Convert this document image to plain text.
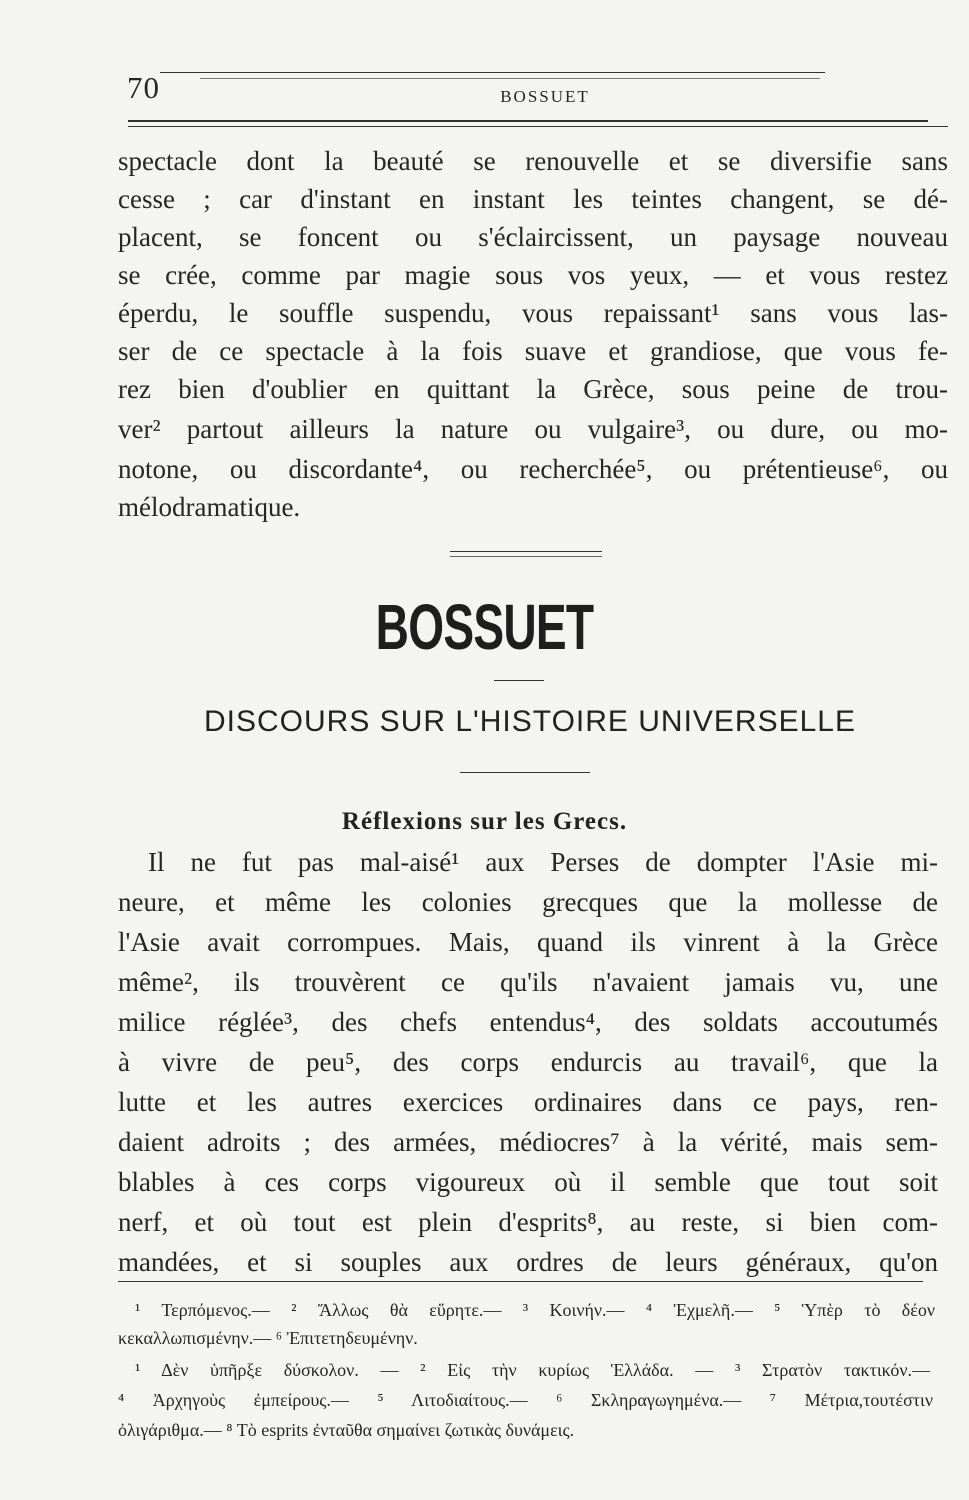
70	BOSSUET
spectacle dont la beauté se renouvelle et se diversifie sans
cesse ; car d'instant en instant les teintes changent, se dé-
placent, se foncent ou s'éclaircissent, un paysage nouveau
se crée, comme par magie sous vos yeux, — et vous restez
éperdu, le souffle suspendu, vous repaissant¹ sans vous las-
ser de ce spectacle à la fois suave et grandiose, que vous fe-
rez bien d'oublier en quittant la Grèce, sous peine de trou-
ver² partout ailleurs la nature ou vulgaire³, ou dure, ou mo-
notone, ou discordante⁴, ou recherchée⁵, ou prétentieuse⁶, ou
mélodramatique.
BOSSUET
DISCOURS SUR L'HISTOIRE UNIVERSELLE
Réflexions sur les Grecs.
Il ne fut pas mal-aisé¹ aux Perses de dompter l'Asie mi-
neure, et même les colonies grecques que la mollesse de
l'Asie avait corrompues. Mais, quand ils vinrent à la Grèce
même², ils trouvèrent ce qu'ils n'avaient jamais vu, une
milice réglée³, des chefs entendus⁴, des soldats accoutumés
à vivre de peu⁵, des corps endurcis au travail⁶, que la
lutte et les autres exercices ordinaires dans ce pays, ren-
daient adroits ; des armées, médiocres⁷ à la vérité, mais sem-
blables à ces corps vigoureux où il semble que tout soit
nerf, et où tout est plein d'esprits⁸, au reste, si bien com-
mandées, et si souples aux ordres de leurs généraux, qu'on
¹ Τερπόμενος.— ² Ἄλλως θὰ εὕρητε.— ³ Κοινήν.— ⁴ Ἐχμελῆ.— ⁵ Ὑπὲρ τὸ δέον
κεκαλλωπισμένην.— ⁶ Ἐπιτετηδευμένην.
¹ Δὲν ὑπῆρξε δύσκολον. — ² Εἰς τὴν κυρίως Ἑλλάδα. — ³ Στρατὸν τακτικόν.—
⁴ Ἀρχηγοὺς ἐμπείρους.— ⁵ Λιτοδιαίτους.— ⁶ Σκληραγωγημένα.— ⁷ Μέτρια,τουτέστιν
ὀλιγάριθμα.— ⁸ Τὸ esprits ἐνταῦθα σημαίνει ζωτικὰς δυνάμεις.
